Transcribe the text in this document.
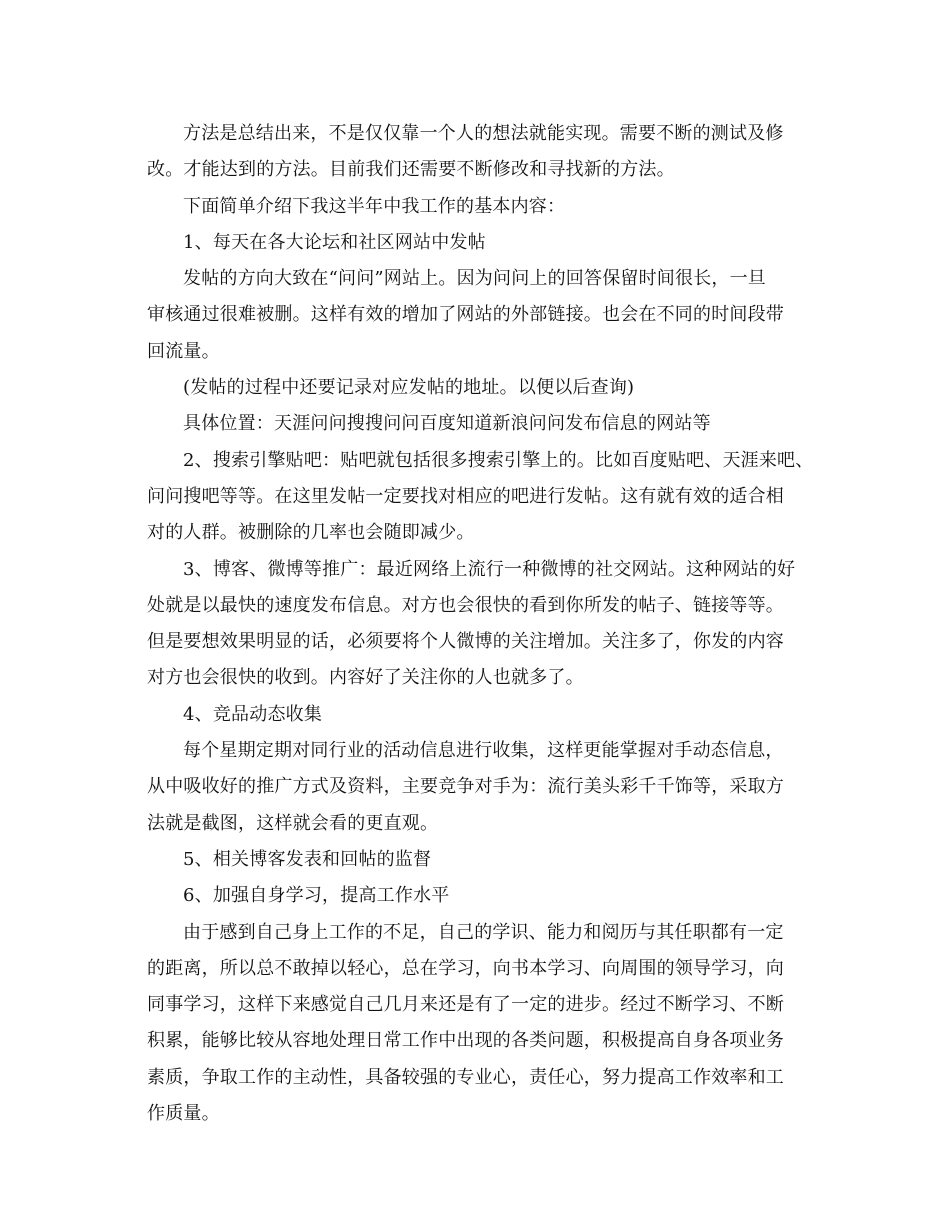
方法是总结出来，不是仅仅靠一个人的想法就能实现。需要不断的测试及修
改。才能达到的方法。目前我们还需要不断修改和寻找新的方法。
下面简单介绍下我这半年中我工作的基本内容：
1、每天在各大论坛和社区网站中发帖
发帖的方向大致在“问问”网站上。因为问问上的回答保留时间很长，一旦
审核通过很难被删。这样有效的增加了网站的外部链接。也会在不同的时间段带
回流量。
(发帖的过程中还要记录对应发帖的地址。以便以后查询)
具体位置：天涯问问搜搜问问百度知道新浪问问发布信息的网站等
2、搜索引擎贴吧：贴吧就包括很多搜索引擎上的。比如百度贴吧、天涯来吧、
问问搜吧等等。在这里发帖一定要找对相应的吧进行发帖。这有就有效的适合相
对的人群。被删除的几率也会随即减少。
3、博客、微博等推广：最近网络上流行一种微博的社交网站。这种网站的好
处就是以最快的速度发布信息。对方也会很快的看到你所发的帖子、链接等等。
但是要想效果明显的话，必须要将个人微博的关注增加。关注多了，你发的内容
对方也会很快的收到。内容好了关注你的人也就多了。
4、竞品动态收集
每个星期定期对同行业的活动信息进行收集，这样更能掌握对手动态信息，
从中吸收好的推广方式及资料，主要竞争对手为：流行美头彩千千饰等，采取方
法就是截图，这样就会看的更直观。
5、相关博客发表和回帖的监督
6、加强自身学习，提高工作水平
由于感到自己身上工作的不足，自己的学识、能力和阅历与其任职都有一定
的距离，所以总不敢掉以轻心，总在学习，向书本学习、向周围的领导学习，向
同事学习，这样下来感觉自己几月来还是有了一定的进步。经过不断学习、不断
积累，能够比较从容地处理日常工作中出现的各类问题，积极提高自身各项业务
素质，争取工作的主动性，具备较强的专业心，责任心，努力提高工作效率和工
作质量。
